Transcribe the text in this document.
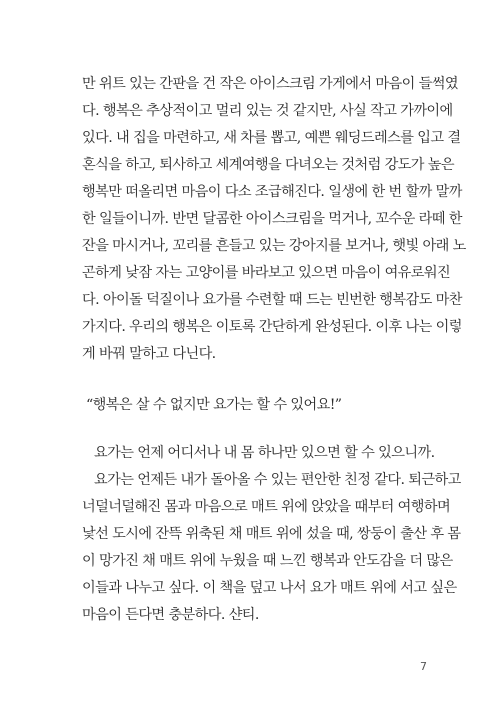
만 위트 있는 간판을 건 작은 아이스크림 가게에서 마음이 들썩였
다. 행복은 추상적이고 멀리 있는 것 같지만, 사실 작고 가까이에
있다. 내 집을 마련하고, 새 차를 뽑고, 예쁜 웨딩드레스를 입고 결
혼식을 하고, 퇴사하고 세계여행을 다녀오는 것처럼 강도가 높은
행복만 떠올리면 마음이 다소 조급해진다. 일생에 한 번 할까 말까
한 일들이니까. 반면 달콤한 아이스크림을 먹거나, 꼬수운 라떼 한
잔을 마시거나, 꼬리를 흔들고 있는 강아지를 보거나, 햇빛 아래 노
곤하게 낮잠 자는 고양이를 바라보고 있으면 마음이 여유로워진
다. 아이돌 덕질이나 요가를 수련할 때 드는 빈번한 행복감도 마찬
가지다. 우리의 행복은 이토록 간단하게 완성된다. 이후 나는 이렇
게 바꿔 말하고 다닌다.
“행복은 살 수 없지만 요가는 할 수 있어요!”
요가는 언제 어디서나 내 몸 하나만 있으면 할 수 있으니까.
요가는 언제든 내가 돌아올 수 있는 편안한 친정 같다. 퇴근하고
너덜너덜해진 몸과 마음으로 매트 위에 앉았을 때부터 여행하며
낯선 도시에 잔뜩 위축된 채 매트 위에 섰을 때, 쌍둥이 출산 후 몸
이 망가진 채 매트 위에 누웠을 때 느낀 행복과 안도감을 더 많은
이들과 나누고 싶다. 이 책을 덮고 나서 요가 매트 위에 서고 싶은
마음이 든다면 충분하다. 샨티.
7
